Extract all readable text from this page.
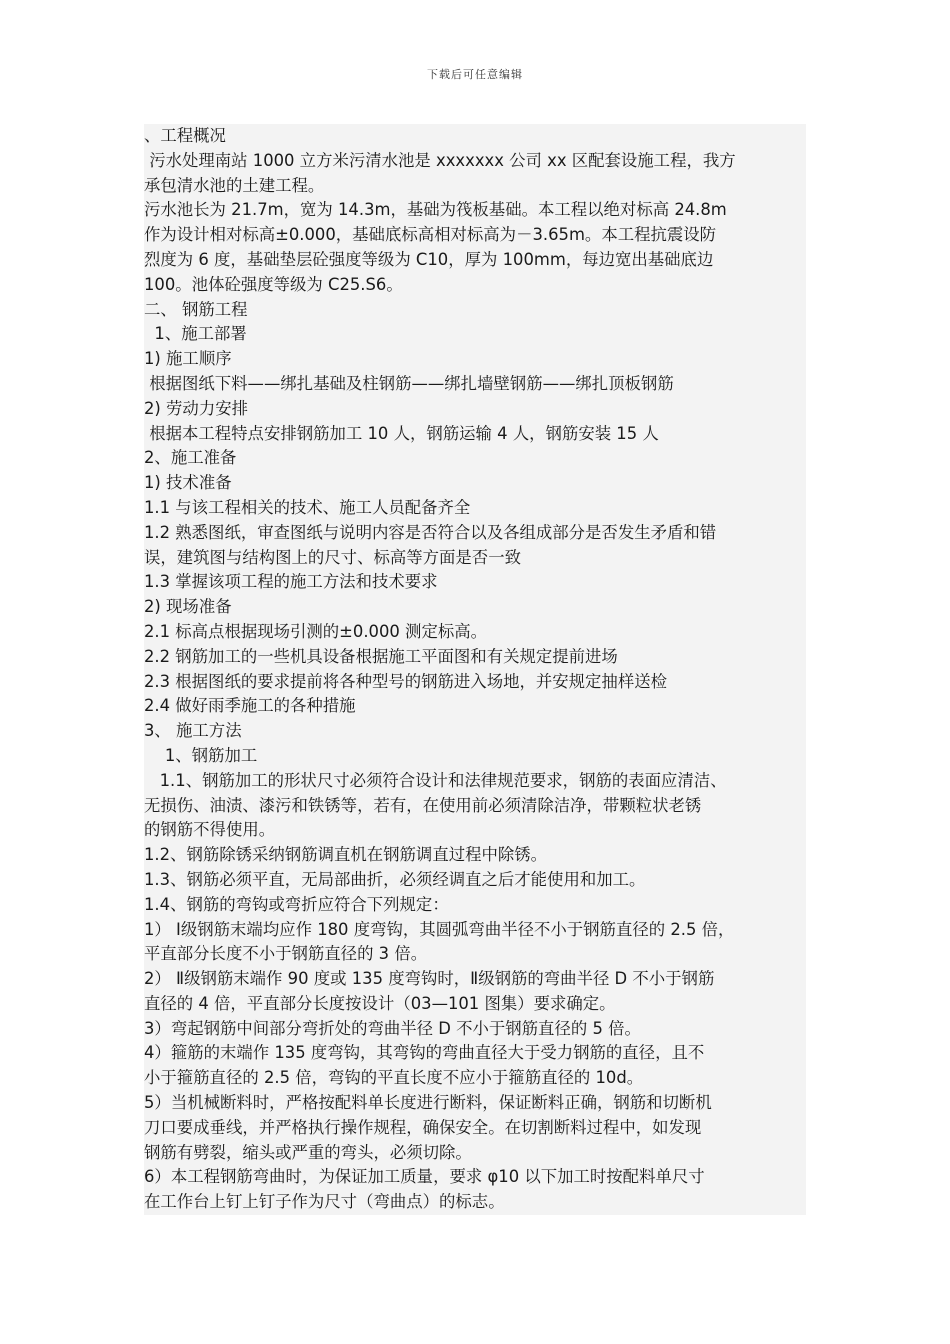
下载后可任意编辑
、工程概况
污水处理南站 1000 立方米污清水池是 xxxxxxx 公司 xx 区配套设施工程，我方
承包清水池的土建工程。
污水池长为 21.7m，宽为 14.3m，基础为筏板基础。本工程以绝对标高 24.8m
作为设计相对标高±0.000，基础底标高相对标高为－3.65m。本工程抗震设防
烈度为 6 度，基础垫层砼强度等级为 C10，厚为 100mm，每边宽出基础底边
100。池体砼强度等级为 C25.S6。
二、 钢筋工程
1、施工部署
1) 施工顺序
根据图纸下料——绑扎基础及柱钢筋——绑扎墙壁钢筋——绑扎顶板钢筋
2) 劳动力安排
根据本工程特点安排钢筋加工 10 人，钢筋运输 4 人，钢筋安装 15 人
2、施工准备
1) 技术准备
1.1 与该工程相关的技术、施工人员配备齐全
1.2 熟悉图纸，审查图纸与说明内容是否符合以及各组成部分是否发生矛盾和错
误，建筑图与结构图上的尺寸、标高等方面是否一致
1.3 掌握该项工程的施工方法和技术要求
2) 现场准备
2.1 标高点根据现场引测的±0.000 测定标高。
2.2 钢筋加工的一些机具设备根据施工平面图和有关规定提前进场
2.3 根据图纸的要求提前将各种型号的钢筋进入场地，并安规定抽样送检
2.4 做好雨季施工的各种措施
3、 施工方法
1、钢筋加工
1.1、钢筋加工的形状尺寸必须符合设计和法律规范要求，钢筋的表面应清洁、
无损伤、油渍、漆污和铁锈等，若有，在使用前必须清除洁净，带颗粒状老锈
的钢筋不得使用。
1.2、钢筋除锈采纳钢筋调直机在钢筋调直过程中除锈。
1.3、钢筋必须平直，无局部曲折，必须经调直之后才能使用和加工。
1.4、钢筋的弯钩或弯折应符合下列规定：
1） Ⅰ级钢筋末端均应作 180 度弯钩，其圆弧弯曲半径不小于钢筋直径的 2.5 倍，
平直部分长度不小于钢筋直径的 3 倍。
2） Ⅱ级钢筋末端作 90 度或 135 度弯钩时，Ⅱ级钢筋的弯曲半径 D 不小于钢筋
直径的 4 倍，平直部分长度按设计（03—101 图集）要求确定。
3）弯起钢筋中间部分弯折处的弯曲半径 D 不小于钢筋直径的 5 倍。
4）箍筋的末端作 135 度弯钩，其弯钩的弯曲直径大于受力钢筋的直径，且不
小于箍筋直径的 2.5 倍，弯钩的平直长度不应小于箍筋直径的 10d。
5）当机械断料时，严格按配料单长度进行断料，保证断料正确，钢筋和切断机
刀口要成垂线，并严格执行操作规程，确保安全。在切割断料过程中，如发现
钢筋有劈裂，缩头或严重的弯头，必须切除。
6）本工程钢筋弯曲时，为保证加工质量，要求 φ10 以下加工时按配料单尺寸
在工作台上钉上钉子作为尺寸（弯曲点）的标志。
